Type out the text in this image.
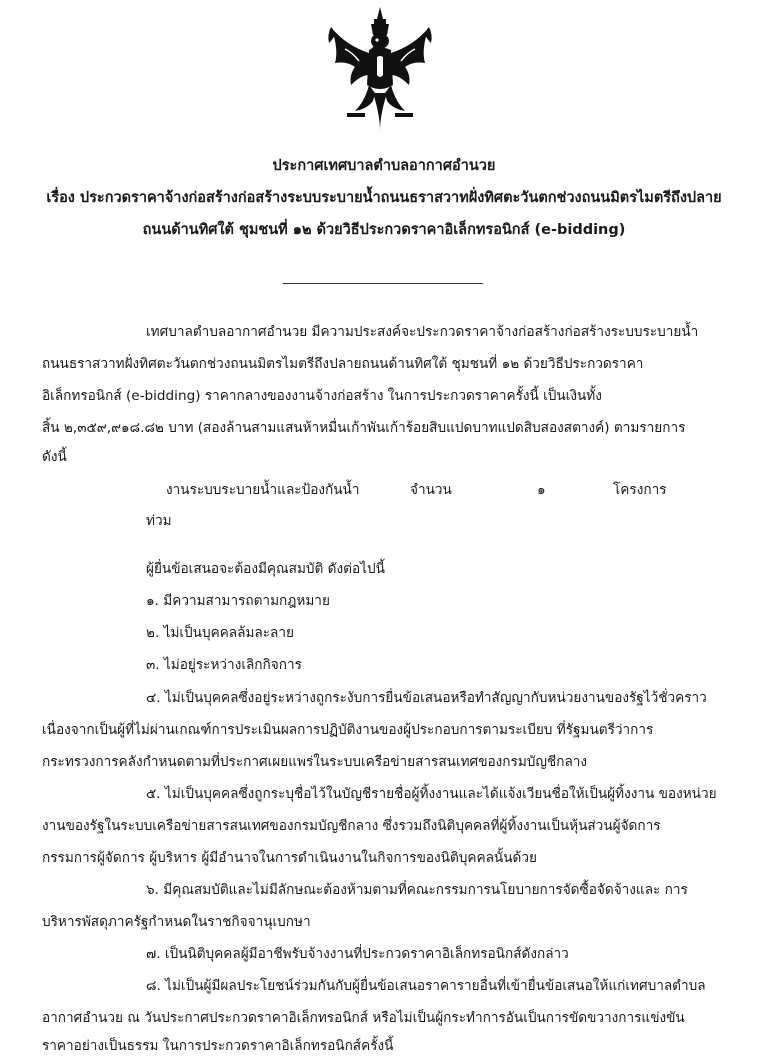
ประกาศเทศบาลตำบลอากาศอำนวย
เรื่อง ประกวดราคาจ้างก่อสร้างก่อสร้างระบบระบายน้ำถนนธราสวาทฝั่งทิศตะวันตกช่วงถนนมิตรไมตรีถึงปลาย
ถนนด้านทิศใต้ ชุมชนที่ ๑๒ ด้วยวิธีประกวดราคาอิเล็กทรอนิกส์ (e-bidding)
เทศบาลตำบลอากาศอำนวย มีความประสงค์จะประกวดราคาจ้างก่อสร้างก่อสร้างระบบระบายน้ำ
ถนนธราสวาทฝั่งทิศตะวันตกช่วงถนนมิตรไมตรีถึงปลายถนนด้านทิศใต้ ชุมชนที่ ๑๒ ด้วยวิธีประกวดราคา
อิเล็กทรอนิกส์ (e-bidding) ราคากลางของงานจ้างก่อสร้าง ในการประกวดราคาครั้งนี้ เป็นเงินทั้ง
สิ้น ๒,๓๕๙,๙๑๘.๘๒ บาท (สองล้านสามแสนห้าหมื่นเก้าพันเก้าร้อยสิบแปดบาทแปดสิบสองสตางค์) ตามรายการ
ดังนี้
งานระบบระบายน้ำและป้องกันน้ำ	จำนวน	๑	โครงการ
ท่วม
ผู้ยื่นข้อเสนอจะต้องมีคุณสมบัติ ดังต่อไปนี้
๑. มีความสามารถตามกฎหมาย
๒. ไม่เป็นบุคคลล้มละลาย
๓. ไม่อยู่ระหว่างเลิกกิจการ
๔. ไม่เป็นบุคคลซึ่งอยู่ระหว่างถูกระงับการยื่นข้อเสนอหรือทำสัญญากับหน่วยงานของรัฐไว้ชั่วคราว
เนื่องจากเป็นผู้ที่ไม่ผ่านเกณฑ์การประเมินผลการปฏิบัติงานของผู้ประกอบการตามระเบียบ ที่รัฐมนตรีว่าการ
กระทรวงการคลังกำหนดตามที่ประกาศเผยแพร่ในระบบเครือข่ายสารสนเทศของกรมบัญชีกลาง
๕. ไม่เป็นบุคคลซึ่งถูกระบุชื่อไว้ในบัญชีรายชื่อผู้ทิ้งงานและได้แจ้งเวียนชื่อให้เป็นผู้ทิ้งงาน ของหน่วย
งานของรัฐในระบบเครือข่ายสารสนเทศของกรมบัญชีกลาง ซึ่งรวมถึงนิติบุคคลที่ผู้ทิ้งงานเป็นหุ้นส่วนผู้จัดการ
กรรมการผู้จัดการ ผู้บริหาร ผู้มีอำนาจในการดำเนินงานในกิจการของนิติบุคคลนั้นด้วย
๖. มีคุณสมบัติและไม่มีลักษณะต้องห้ามตามที่คณะกรรมการนโยบายการจัดซื้อจัดจ้างและ การ
บริหารพัสดุภาครัฐกำหนดในราชกิจจานุเบกษา
๗. เป็นนิติบุคคลผู้มีอาชีพรับจ้างงานที่ประกวดราคาอิเล็กทรอนิกส์ดังกล่าว
๘. ไม่เป็นผู้มีผลประโยชน์ร่วมกันกับผู้ยื่นข้อเสนอราคารายอื่นที่เข้ายื่นข้อเสนอให้แก่เทศบาลตำบล
อากาศอำนวย ณ วันประกาศประกวดราคาอิเล็กทรอนิกส์ หรือไม่เป็นผู้กระทำการอันเป็นการขัดขวางการแข่งขัน
ราคาอย่างเป็นธรรม ในการประกวดราคาอิเล็กทรอนิกส์ครั้งนี้
